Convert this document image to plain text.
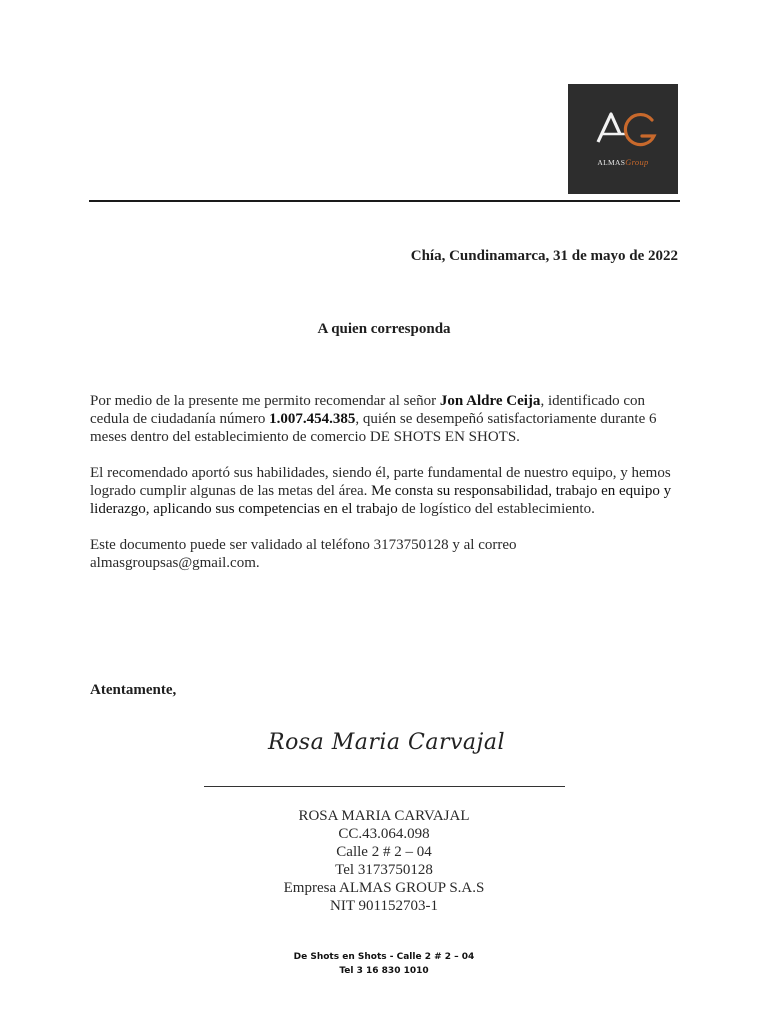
ALMASGroup
Chía, Cundinamarca, 31 de mayo de 2022
A quien corresponda
Por medio de la presente me permito recomendar al señor Jon Aldre Ceija, identificado con cedula de ciudadanía número 1.007.454.385, quién se desempeñó satisfactoriamente durante 6 meses dentro del establecimiento de comercio DE SHOTS EN SHOTS.
El recomendado aportó sus habilidades, siendo él, parte fundamental de nuestro equipo, y hemos logrado cumplir algunas de las metas del área. Me consta su responsabilidad, trabajo en equipo y liderazgo, aplicando sus competencias en el trabajo de logístico del establecimiento.
Este documento puede ser validado al teléfono 3173750128 y al correo almasgroupsas@gmail.com.
Atentamente,
Rosa Maria Carvajal
ROSA MARIA CARVAJAL
CC.43.064.098
Calle 2 # 2 – 04
Tel 3173750128
Empresa ALMAS GROUP S.A.S
NIT 901152703-1
De Shots en Shots - Calle 2 # 2 – 04
Tel 3 16 830 1010
